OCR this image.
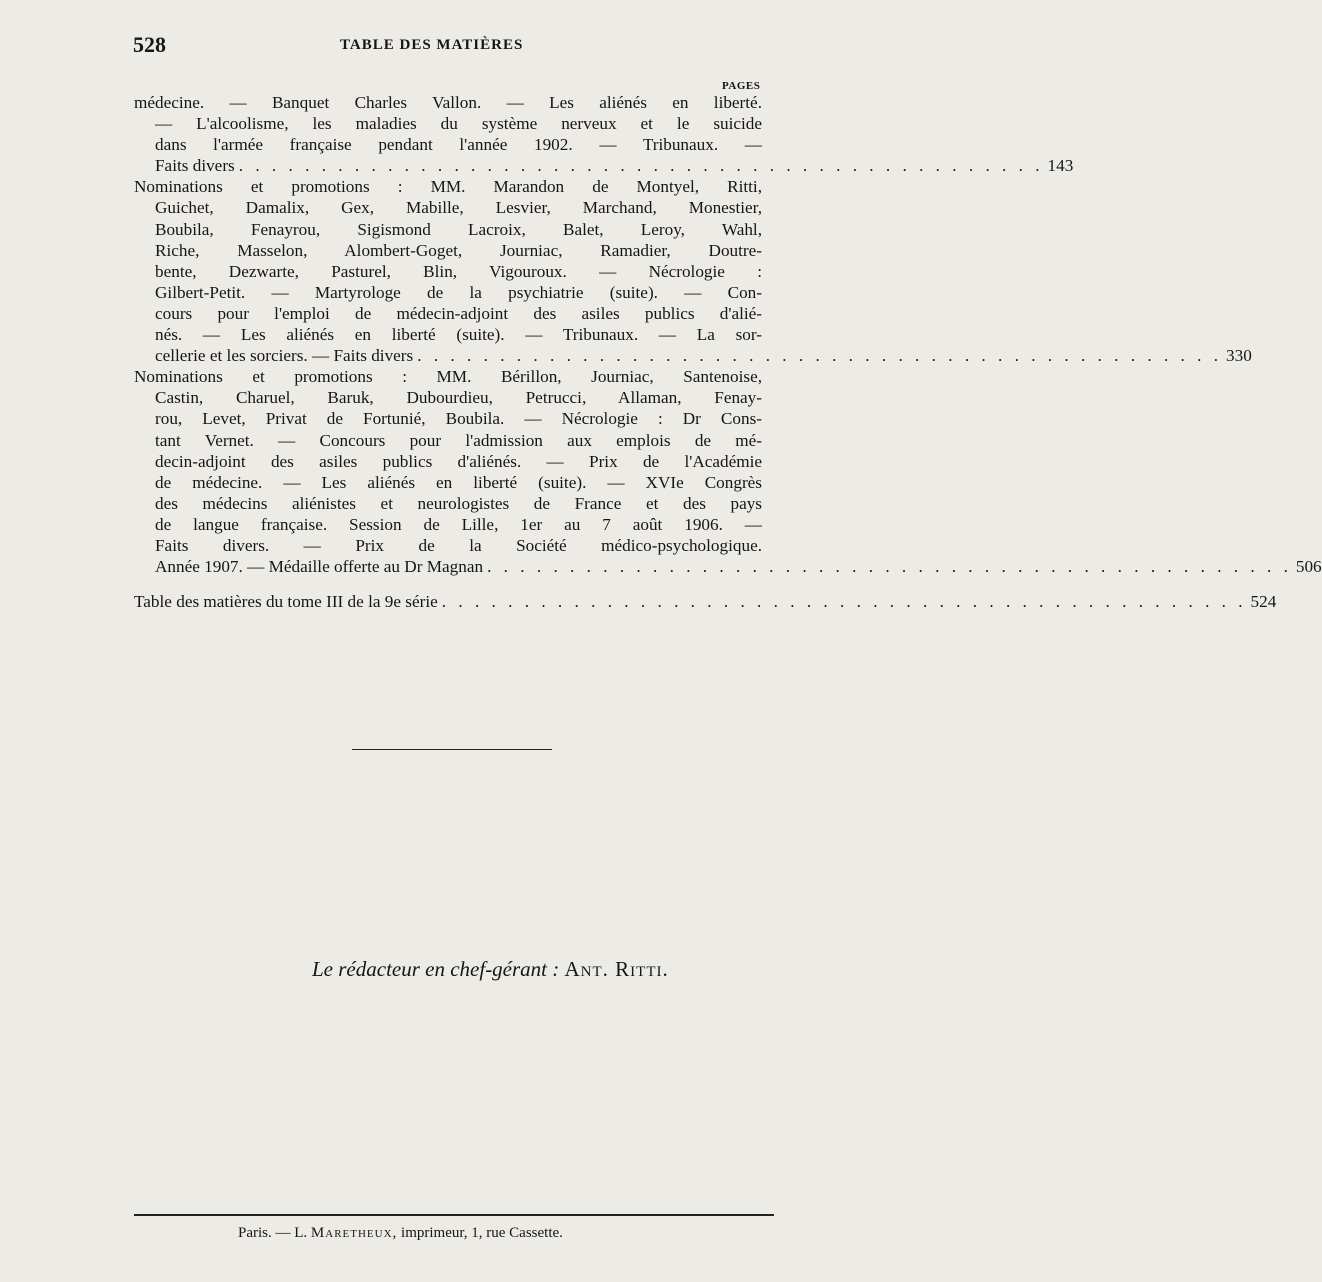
528	TABLE DES MATIÈRES
PAGES
médecine. — Banquet Charles Vallon. — Les aliénés en liberté.
— L'alcoolisme, les maladies du système nerveux et le suicide
dans l'armée française pendant l'année 1902. — Tribunaux. —
Faits divers . . . . . . . . . . . . . . . . . . . . . . . . . . . . . . . . . . . . . . . . . . . . . . . . . 143
Nominations et promotions : MM. Marandon de Montyel, Ritti,
Guichet, Damalix, Gex, Mabille, Lesvier, Marchand, Monestier,
Boubila, Fenayrou, Sigismond Lacroix, Balet, Leroy, Wahl,
Riche, Masselon, Alombert-Goget, Journiac, Ramadier, Doutre-
bente, Dezwarte, Pasturel, Blin, Vigouroux. — Nécrologie :
Gilbert-Petit. — Martyrologe de la psychiatrie (suite). — Con-
cours pour l'emploi de médecin-adjoint des asiles publics d'alié-
nés. — Les aliénés en liberté (suite). — Tribunaux. — La sor-
cellerie et les sorciers. — Faits divers . . . . . . . . . . . . . . . . . . . . . . . . . . . . . . . . . . . . . . . . . . . . . . . . . 330
Nominations et promotions : MM. Bérillon, Journiac, Santenoise,
Castin, Charuel, Baruk, Dubourdieu, Petrucci, Allaman, Fenay-
rou, Levet, Privat de Fortunié, Boubila. — Nécrologie : Dr Cons-
tant Vernet. — Concours pour l'admission aux emplois de mé-
decin-adjoint des asiles publics d'aliénés. — Prix de l'Académie
de médecine. — Les aliénés en liberté (suite). — XVIe Congrès
des médecins aliénistes et neurologistes de France et des pays
de langue française. Session de Lille, 1er au 7 août 1906. —
Faits divers. — Prix de la Société médico-psychologique.
Année 1907. — Médaille offerte au Dr Magnan . . . . . . . . . . . . . . . . . . . . . . . . . . . . . . . . . . . . . . . . . . . . . . . . . 506
Table des matières du tome III de la 9e série . . . . . . . . . . . . . . . . . . . . . . . . . . . . . . . . . . . . . . . . . . . . . . . . . 524
Le rédacteur en chef-gérant : Ant. Ritti.
Paris. — L. Maretheux, imprimeur, 1, rue Cassette.
